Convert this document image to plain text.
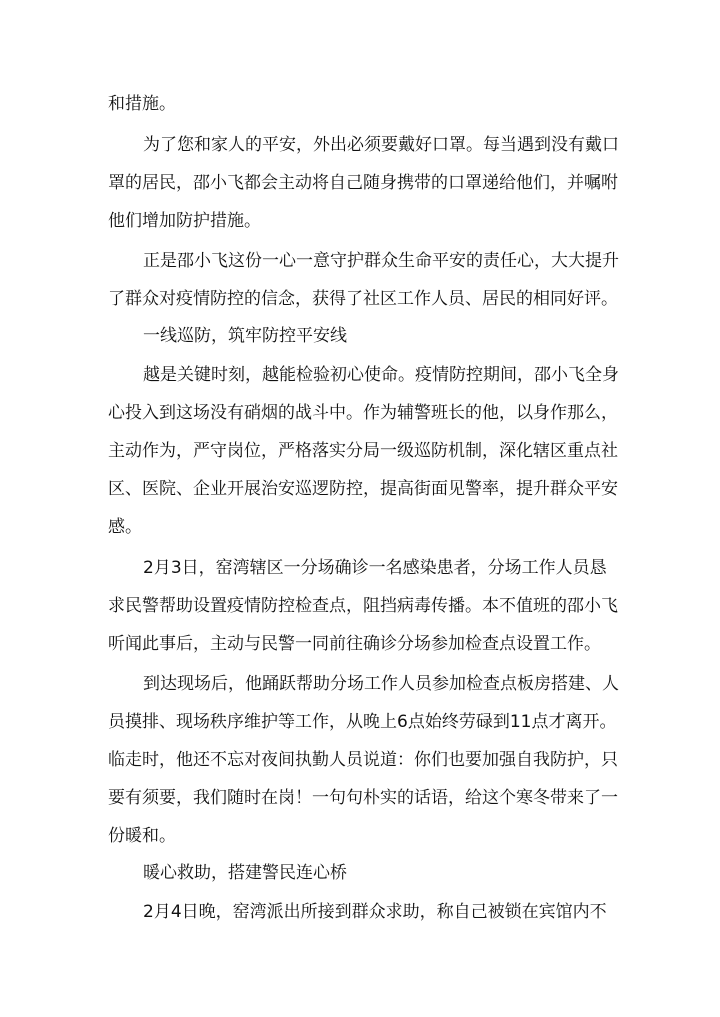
和措施。
为了您和家人的平安，外出必须要戴好口罩。每当遇到没有戴口
罩的居民，邵小飞都会主动将自己随身携带的口罩递给他们，并嘱咐
他们增加防护措施。
正是邵小飞这份一心一意守护群众生命平安的责任心，大大提升
了群众对疫情防控的信念，获得了社区工作人员、居民的相同好评。
一线巡防，筑牢防控平安线
越是关键时刻，越能检验初心使命。疫情防控期间，邵小飞全身
心投入到这场没有硝烟的战斗中。作为辅警班长的他，以身作那么，
主动作为，严守岗位，严格落实分局一级巡防机制，深化辖区重点社
区、医院、企业开展治安巡逻防控，提高街面见警率，提升群众平安
感。
2月3日，窑湾辖区一分场确诊一名感染患者，分场工作人员恳
求民警帮助设置疫情防控检查点，阻挡病毒传播。本不值班的邵小飞
听闻此事后，主动与民警一同前往确诊分场参加检查点设置工作。
到达现场后，他踊跃帮助分场工作人员参加检查点板房搭建、人
员摸排、现场秩序维护等工作，从晚上6点始终劳碌到11点才离开。
临走时，他还不忘对夜间执勤人员说道：你们也要加强自我防护，只
要有须要，我们随时在岗！一句句朴实的话语，给这个寒冬带来了一
份暖和。
暖心救助，搭建警民连心桥
2月4日晚，窑湾派出所接到群众求助，称自己被锁在宾馆内不
